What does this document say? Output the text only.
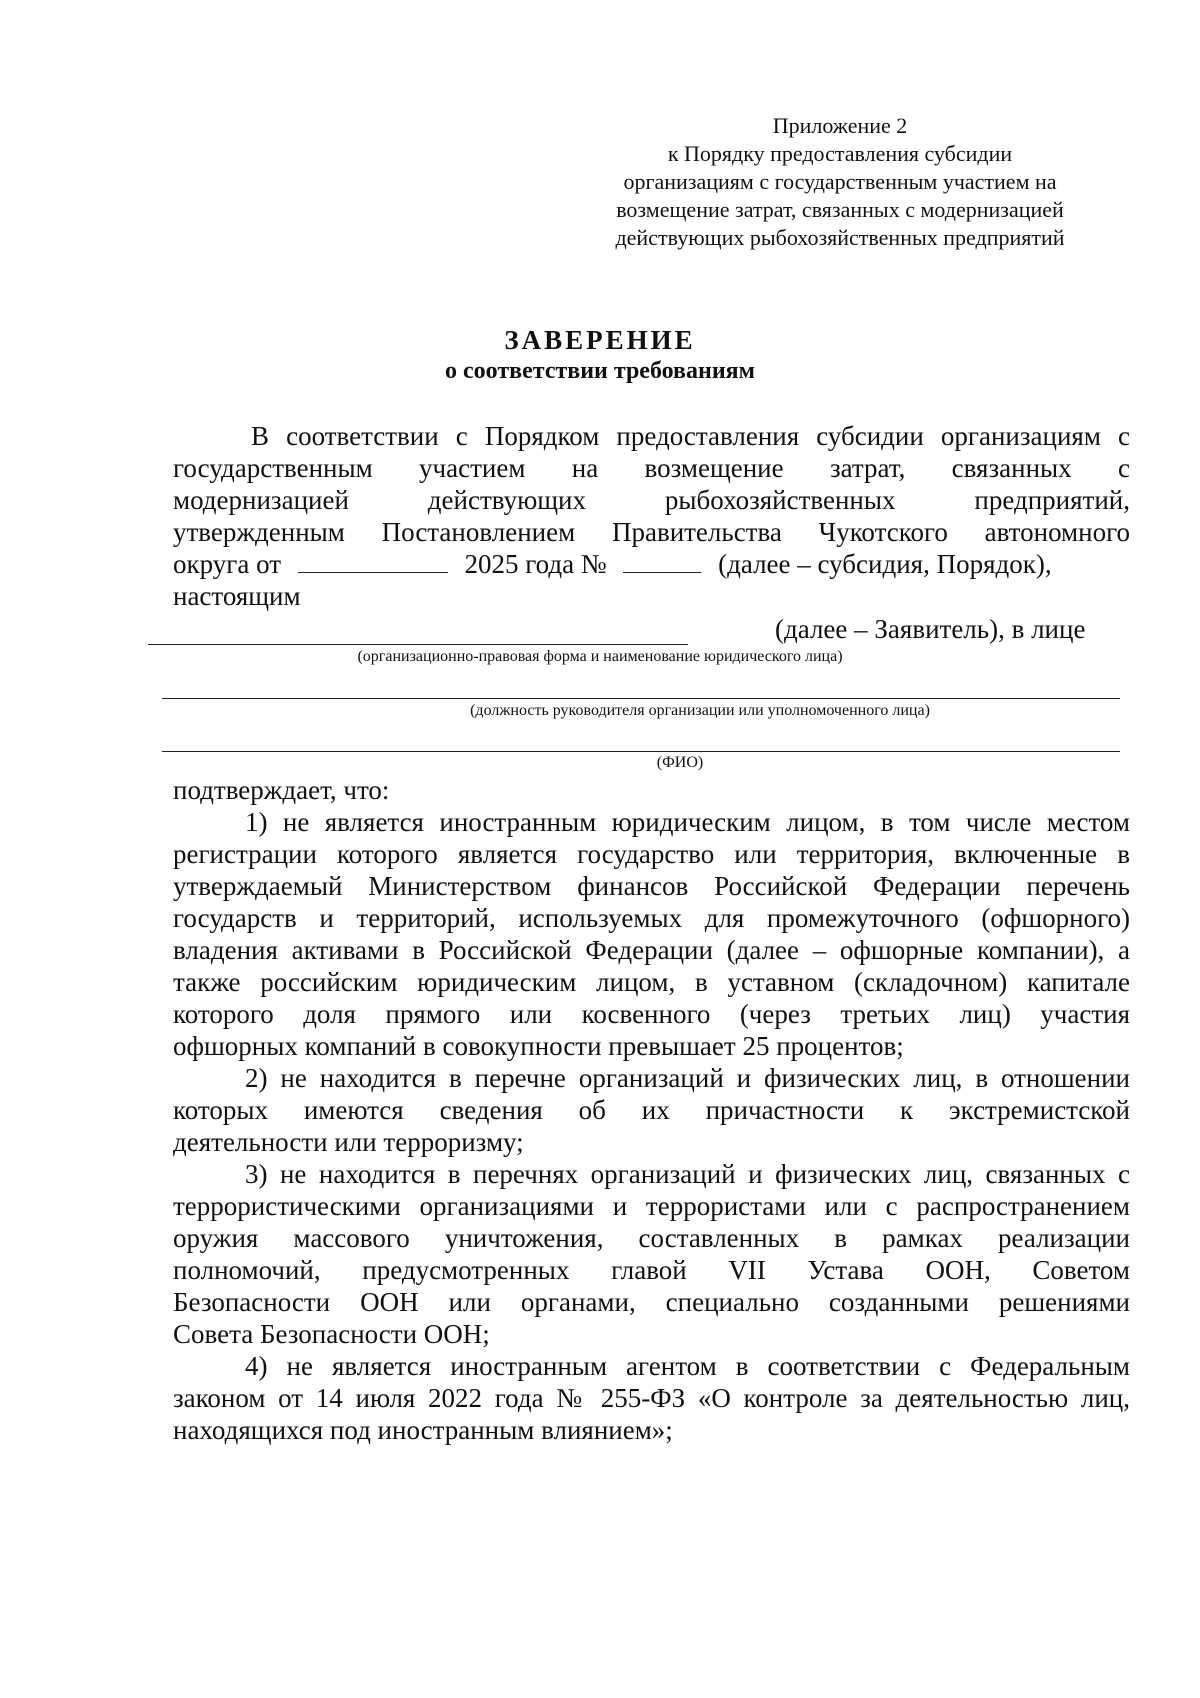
Приложение 2
к Порядку предоставления субсидии
организациям с государственным участием на
возмещение затрат, связанных с модернизацией
действующих рыбохозяйственных предприятий
ЗАВЕРЕНИЕ
о соответствии требованиям
В соответствии с Порядком предоставления субсидии организациям с
государственным участием на возмещение затрат, связанных с
модернизацией действующих рыбохозяйственных предприятий,
утвержденным Постановлением Правительства Чукотского автономного
округа от	2025 года №	(далее – субсидия, Порядок),
настоящим
(далее – Заявитель), в лице
(организационно-правовая форма и наименование юридического лица)
(должность руководителя организации или уполномоченного лица)
(ФИО)
подтверждает, что:
1) не является иностранным юридическим лицом, в том числе местом
регистрации которого является государство или территория, включенные в
утверждаемый Министерством финансов Российской Федерации перечень
государств и территорий, используемых для промежуточного (офшорного)
владения активами в Российской Федерации (далее – офшорные компании), а
также российским юридическим лицом, в уставном (складочном) капитале
которого доля прямого или косвенного (через третьих лиц) участия
офшорных компаний в совокупности превышает 25 процентов;
2) не находится в перечне организаций и физических лиц, в отношении
которых имеются сведения об их причастности к экстремистской
деятельности или терроризму;
3) не находится в перечнях организаций и физических лиц, связанных с
террористическими организациями и террористами или с распространением
оружия массового уничтожения, составленных в рамках реализации
полномочий, предусмотренных главой VII Устава ООН, Советом
Безопасности ООН или органами, специально созданными решениями
Совета Безопасности ООН;
4) не является иностранным агентом в соответствии с Федеральным
законом от 14 июля 2022 года № 255-ФЗ «О контроле за деятельностью лиц,
находящихся под иностранным влиянием»;
